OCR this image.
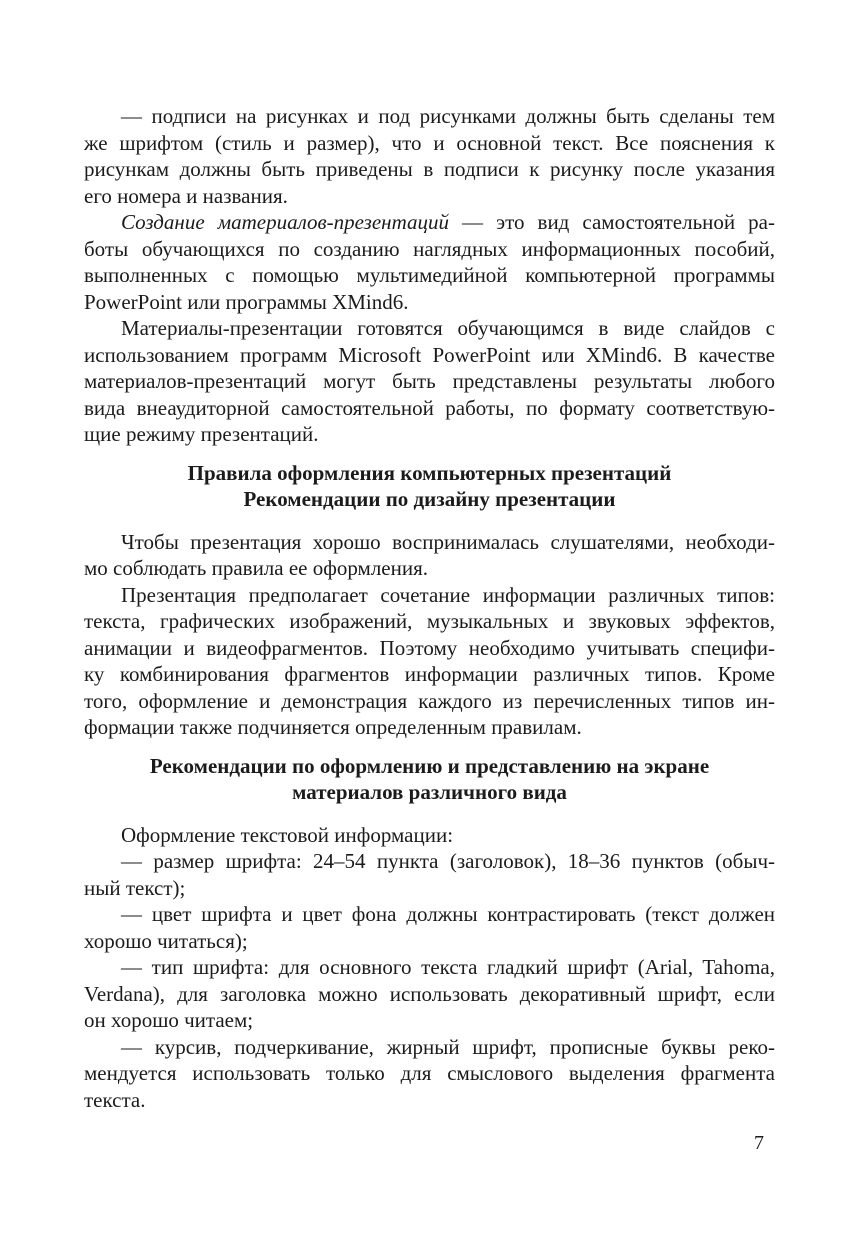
— подписи на рисунках и под рисунками должны быть сделаны тем
же шрифтом (стиль и размер), что и основной текст. Все пояснения к
рисункам должны быть приведены в подписи к рисунку после указания
его номера и названия.
Создание материалов-презентаций — это вид самостоятельной ра-
боты обучающихся по созданию наглядных информационных пособий,
выполненных с помощью мультимедийной компьютерной программы
PowerPoint или программы XMind6.
Материалы-презентации готовятся обучающимся в виде слайдов с
использованием программ Microsoft PowerPoint или XMind6. В качестве
материалов-презентаций могут быть представлены результаты любого
вида внеаудиторной самостоятельной работы, по формату соответствую-
щие режиму презентаций.
Правила оформления компьютерных презентаций
Рекомендации по дизайну презентации
Чтобы презентация хорошо воспринималась слушателями, необходи-
мо соблюдать правила ее оформления.
Презентация предполагает сочетание информации различных типов:
текста, графических изображений, музыкальных и звуковых эффектов,
анимации и видеофрагментов. Поэтому необходимо учитывать специфи-
ку комбинирования фрагментов информации различных типов. Кроме
того, оформление и демонстрация каждого из перечисленных типов ин-
формации также подчиняется определенным правилам.
Рекомендации по оформлению и представлению на экране
материалов различного вида
Оформление текстовой информации:
— размер шрифта: 24–54 пункта (заголовок), 18–36 пунктов (обыч-
ный текст);
— цвет шрифта и цвет фона должны контрастировать (текст должен
хорошо читаться);
— тип шрифта: для основного текста гладкий шрифт (Arial, Tahoma,
Verdana), для заголовка можно использовать декоративный шрифт, если
он хорошо читаем;
— курсив, подчеркивание, жирный шрифт, прописные буквы реко-
мендуется использовать только для смыслового выделения фрагмента
текста.
7
